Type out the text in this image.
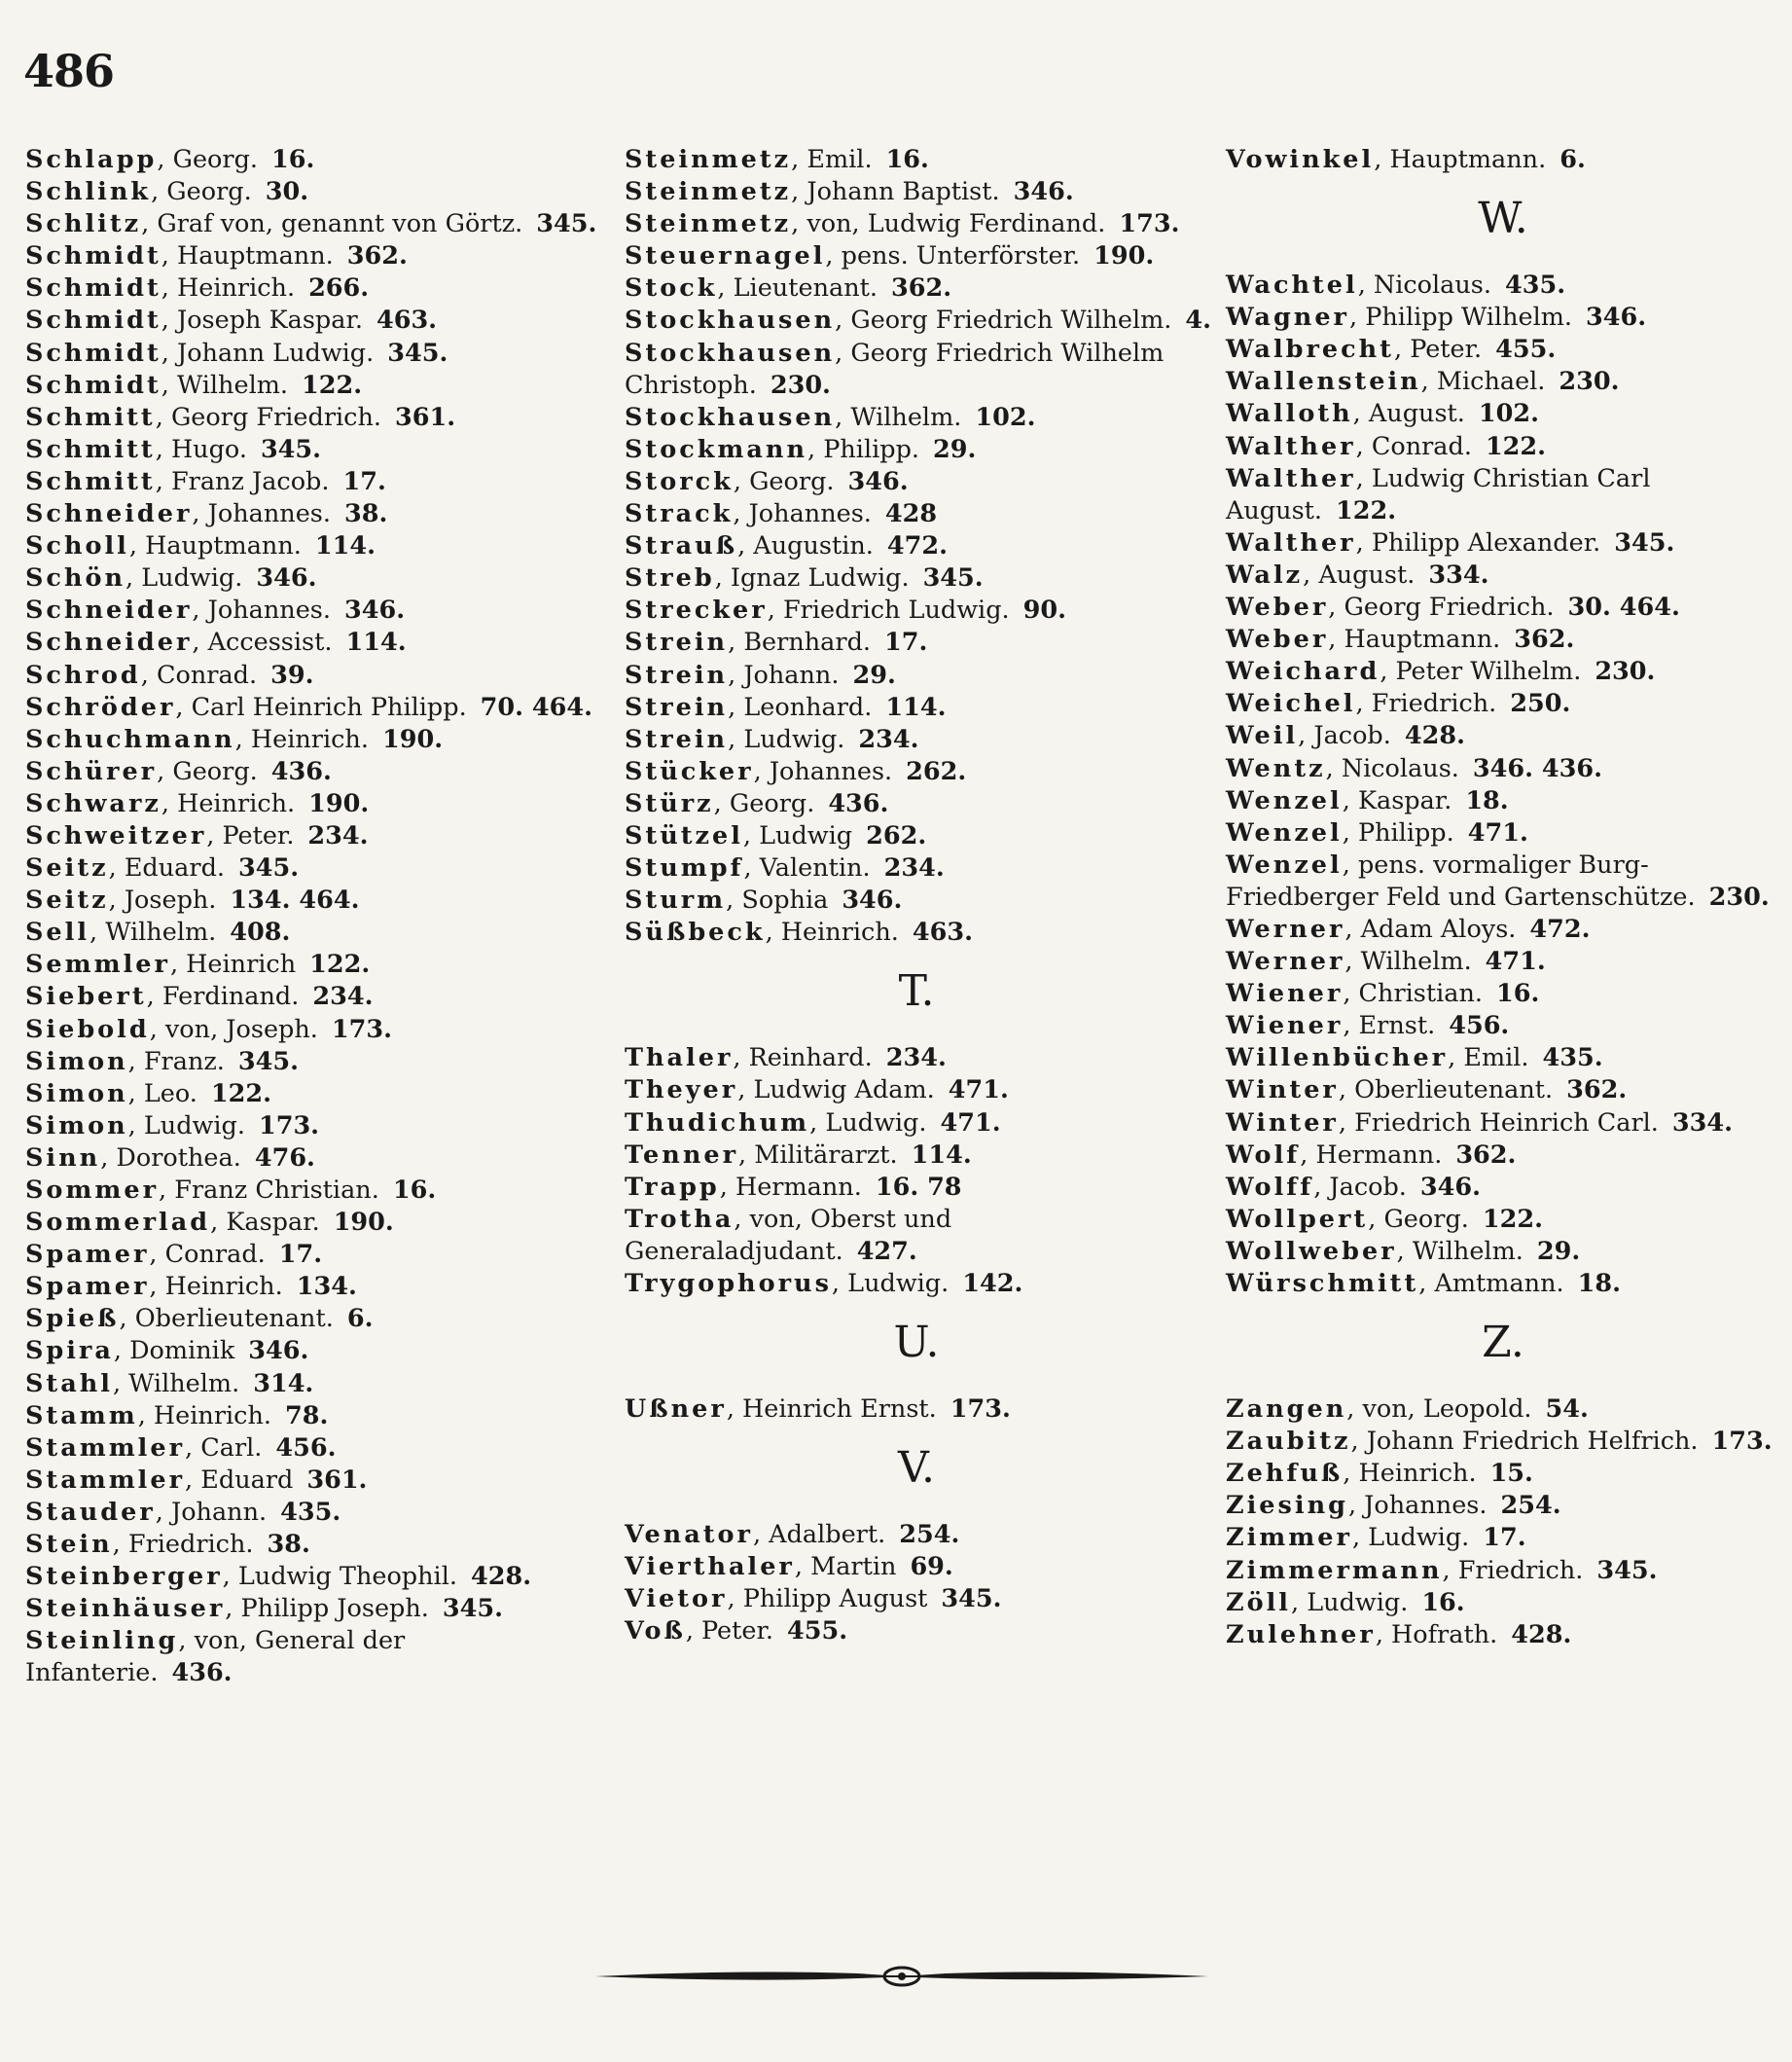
486
Schlapp, Georg. 16.
Schlink, Georg. 30.
Schlitz, Graf von, genannt von Görtz. 345.
Schmidt, Hauptmann. 362.
Schmidt, Heinrich. 266.
Schmidt, Joseph Kaspar. 463.
Schmidt, Johann Ludwig. 345.
Schmidt, Wilhelm. 122.
Schmitt, Georg Friedrich. 361.
Schmitt, Hugo. 345.
Schmitt, Franz Jacob. 17.
Schneider, Johannes. 38.
Scholl, Hauptmann. 114.
Schön, Ludwig. 346.
Schneider, Johannes. 346.
Schneider, Accessist. 114.
Schrod, Conrad. 39.
Schröder, Carl Heinrich Philipp. 70. 464.
Schuchmann, Heinrich. 190.
Schürer, Georg. 436.
Schwarz, Heinrich. 190.
Schweitzer, Peter. 234.
Seitz, Eduard. 345.
Seitz, Joseph. 134. 464.
Sell, Wilhelm. 408.
Semmler, Heinrich 122.
Siebert, Ferdinand. 234.
Siebold, von, Joseph. 173.
Simon, Franz. 345.
Simon, Leo. 122.
Simon, Ludwig. 173.
Sinn, Dorothea. 476.
Sommer, Franz Christian. 16.
Sommerlad, Kaspar. 190.
Spamer, Conrad. 17.
Spamer, Heinrich. 134.
Spieß, Oberlieutenant. 6.
Spira, Dominik 346.
Stahl, Wilhelm. 314.
Stamm, Heinrich. 78.
Stammler, Carl. 456.
Stammler, Eduard 361.
Stauder, Johann. 435.
Stein, Friedrich. 38.
Steinberger, Ludwig Theophil. 428.
Steinhäuser, Philipp Joseph. 345.
Steinling, von, General der Infanterie. 436.
Steinmetz, Emil. 16.
Steinmetz, Johann Baptist. 346.
Steinmetz, von, Ludwig Ferdinand. 173.
Steuernagel, pens. Unterförster. 190.
Stock, Lieutenant. 362.
Stockhausen, Georg Friedrich Wilhelm. 4.
Stockhausen, Georg Friedrich Wilhelm Christoph. 230.
Stockhausen, Wilhelm. 102.
Stockmann, Philipp. 29.
Storck, Georg. 346.
Strack, Johannes. 428
Strauß, Augustin. 472.
Streb, Ignaz Ludwig. 345.
Strecker, Friedrich Ludwig. 90.
Strein, Bernhard. 17.
Strein, Johann. 29.
Strein, Leonhard. 114.
Strein, Ludwig. 234.
Stücker, Johannes. 262.
Stürz, Georg. 436.
Stützel, Ludwig 262.
Stumpf, Valentin. 234.
Sturm, Sophia 346.
Süßbeck, Heinrich. 463.
T.
Thaler, Reinhard. 234.
Theyer, Ludwig Adam. 471.
Thudichum, Ludwig. 471.
Tenner, Militärarzt. 114.
Trapp, Hermann. 16. 78
Trotha, von, Oberst und Generaladjudant. 427.
Trygophorus, Ludwig. 142.
U.
Ußner, Heinrich Ernst. 173.
V.
Venator, Adalbert. 254.
Vierthaler, Martin 69.
Vietor, Philipp August 345.
Voß, Peter. 455.
Vowinkel, Hauptmann. 6.
W.
Wachtel, Nicolaus. 435.
Wagner, Philipp Wilhelm. 346.
Walbrecht, Peter. 455.
Wallenstein, Michael. 230.
Walloth, August. 102.
Walther, Conrad. 122.
Walther, Ludwig Christian Carl August. 122.
Walther, Philipp Alexander. 345.
Walz, August. 334.
Weber, Georg Friedrich. 30. 464.
Weber, Hauptmann. 362.
Weichard, Peter Wilhelm. 230.
Weichel, Friedrich. 250.
Weil, Jacob. 428.
Wentz, Nicolaus. 346. 436.
Wenzel, Kaspar. 18.
Wenzel, Philipp. 471.
Wenzel, pens. vormaliger Burg-Friedberger Feld und Gartenschütze. 230.
Werner, Adam Aloys. 472.
Werner, Wilhelm. 471.
Wiener, Christian. 16.
Wiener, Ernst. 456.
Willenbücher, Emil. 435.
Winter, Oberlieutenant. 362.
Winter, Friedrich Heinrich Carl. 334.
Wolf, Hermann. 362.
Wolff, Jacob. 346.
Wollpert, Georg. 122.
Wollweber, Wilhelm. 29.
Würschmitt, Amtmann. 18.
Z.
Zangen, von, Leopold. 54.
Zaubitz, Johann Friedrich Helfrich. 173.
Zehfuß, Heinrich. 15.
Ziesing, Johannes. 254.
Zimmer, Ludwig. 17.
Zimmermann, Friedrich. 345.
Zöll, Ludwig. 16.
Zulehner, Hofrath. 428.
